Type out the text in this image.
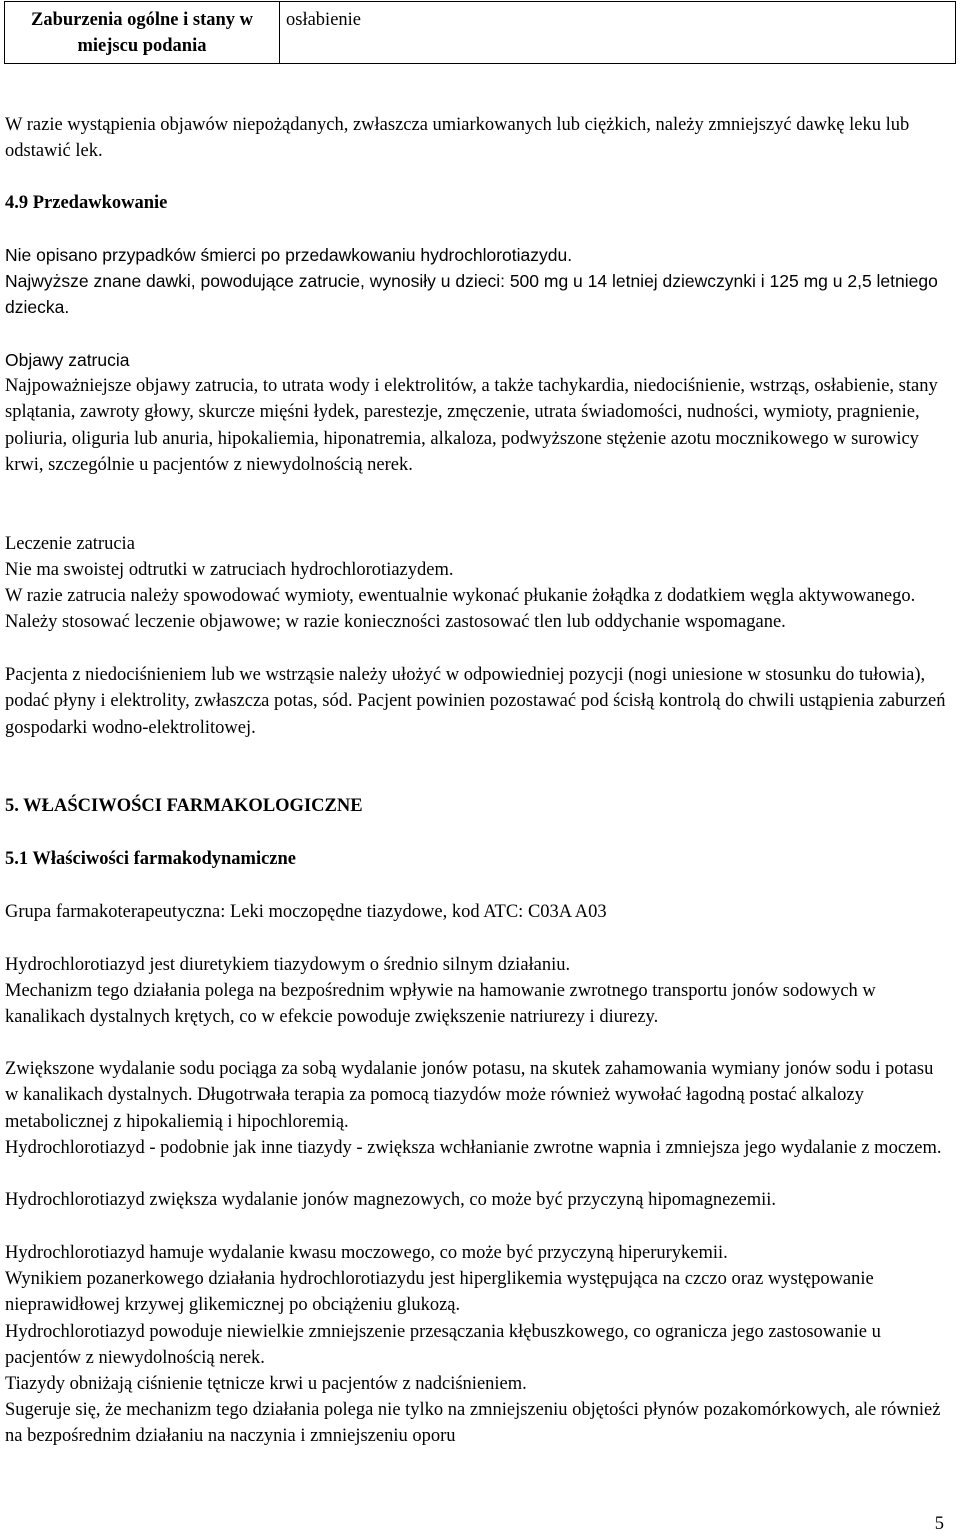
Zaburzenia ogólne i stany w miejscu podania	osłabienie

W razie wystąpienia objawów niepożądanych, zwłaszcza umiarkowanych lub ciężkich, należy zmniejszyć dawkę leku lub odstawić lek.

4.9 Przedawkowanie

Nie opisano przypadków śmierci po przedawkowaniu hydrochlorotiazydu.

Najwyższe znane dawki, powodujące zatrucie, wynosiły u dzieci: 500 mg u 14 letniej dziewczynki i 125 mg u 2,5 letniego dziecka.

Objawy zatrucia

Najpoważniejsze objawy zatrucia, to utrata wody i elektrolitów, a także tachykardia, niedociśnienie, wstrząs, osłabienie, stany splątania, zawroty głowy, skurcze mięśni łydek, parestezje, zmęczenie, utrata świadomości, nudności, wymioty, pragnienie, poliuria, oliguria lub anuria, hipokaliemia, hiponatremia, alkaloza, podwyższone stężenie azotu mocznikowego w surowicy krwi, szczególnie u pacjentów z niewydolnością nerek.

Leczenie zatrucia

Nie ma swoistej odtrutki w zatruciach hydrochlorotiazydem.

W razie zatrucia należy spowodować wymioty, ewentualnie wykonać płukanie żołądka z dodatkiem węgla aktywowanego. Należy stosować leczenie objawowe; w razie konieczności zastosować tlen lub oddychanie wspomagane.

Pacjenta z niedociśnieniem lub we wstrząsie należy ułożyć w odpowiedniej pozycji (nogi uniesione w stosunku do tułowia), podać płyny i elektrolity, zwłaszcza potas, sód. Pacjent powinien pozostawać pod ścisłą kontrolą do chwili ustąpienia zaburzeń gospodarki wodno-elektrolitowej.

5. WŁAŚCIWOŚCI FARMAKOLOGICZNE

5.1 Właściwości farmakodynamiczne

Grupa farmakoterapeutyczna: Leki moczopędne tiazydowe, kod ATC: C03A A03

Hydrochlorotiazyd jest diuretykiem tiazydowym o średnio silnym działaniu.

Mechanizm tego działania polega na bezpośrednim wpływie na hamowanie zwrotnego transportu jonów sodowych w kanalikach dystalnych krętych, co w efekcie powoduje zwiększenie natriurezy i diurezy.

Zwiększone wydalanie sodu pociąga za sobą wydalanie jonów potasu, na skutek zahamowania wymiany jonów sodu i potasu w kanalikach dystalnych. Długotrwała terapia za pomocą tiazydów może również wywołać łagodną postać alkalozy metabolicznej z hipokaliemią i hipochloremią.

Hydrochlorotiazyd - podobnie jak inne tiazydy - zwiększa wchłanianie zwrotne wapnia i zmniejsza jego wydalanie z moczem.

Hydrochlorotiazyd zwiększa wydalanie jonów magnezowych, co może być przyczyną hipomagnezemii.

Hydrochlorotiazyd hamuje wydalanie kwasu moczowego, co może być przyczyną hiperurykemii.

Wynikiem pozanerkowego działania hydrochlorotiazydu jest hiperglikemia występująca na czczo oraz występowanie nieprawidłowej krzywej glikemicznej po obciążeniu glukozą.

Hydrochlorotiazyd powoduje niewielkie zmniejszenie przesączania kłębuszkowego, co ogranicza jego zastosowanie u pacjentów z niewydolnością nerek.

Tiazydy obniżają ciśnienie tętnicze krwi u pacjentów z nadciśnieniem.

Sugeruje się, że mechanizm tego działania polega nie tylko na zmniejszeniu objętości płynów pozakomórkowych, ale również na bezpośrednim działaniu na naczynia i zmniejszeniu oporu

5
